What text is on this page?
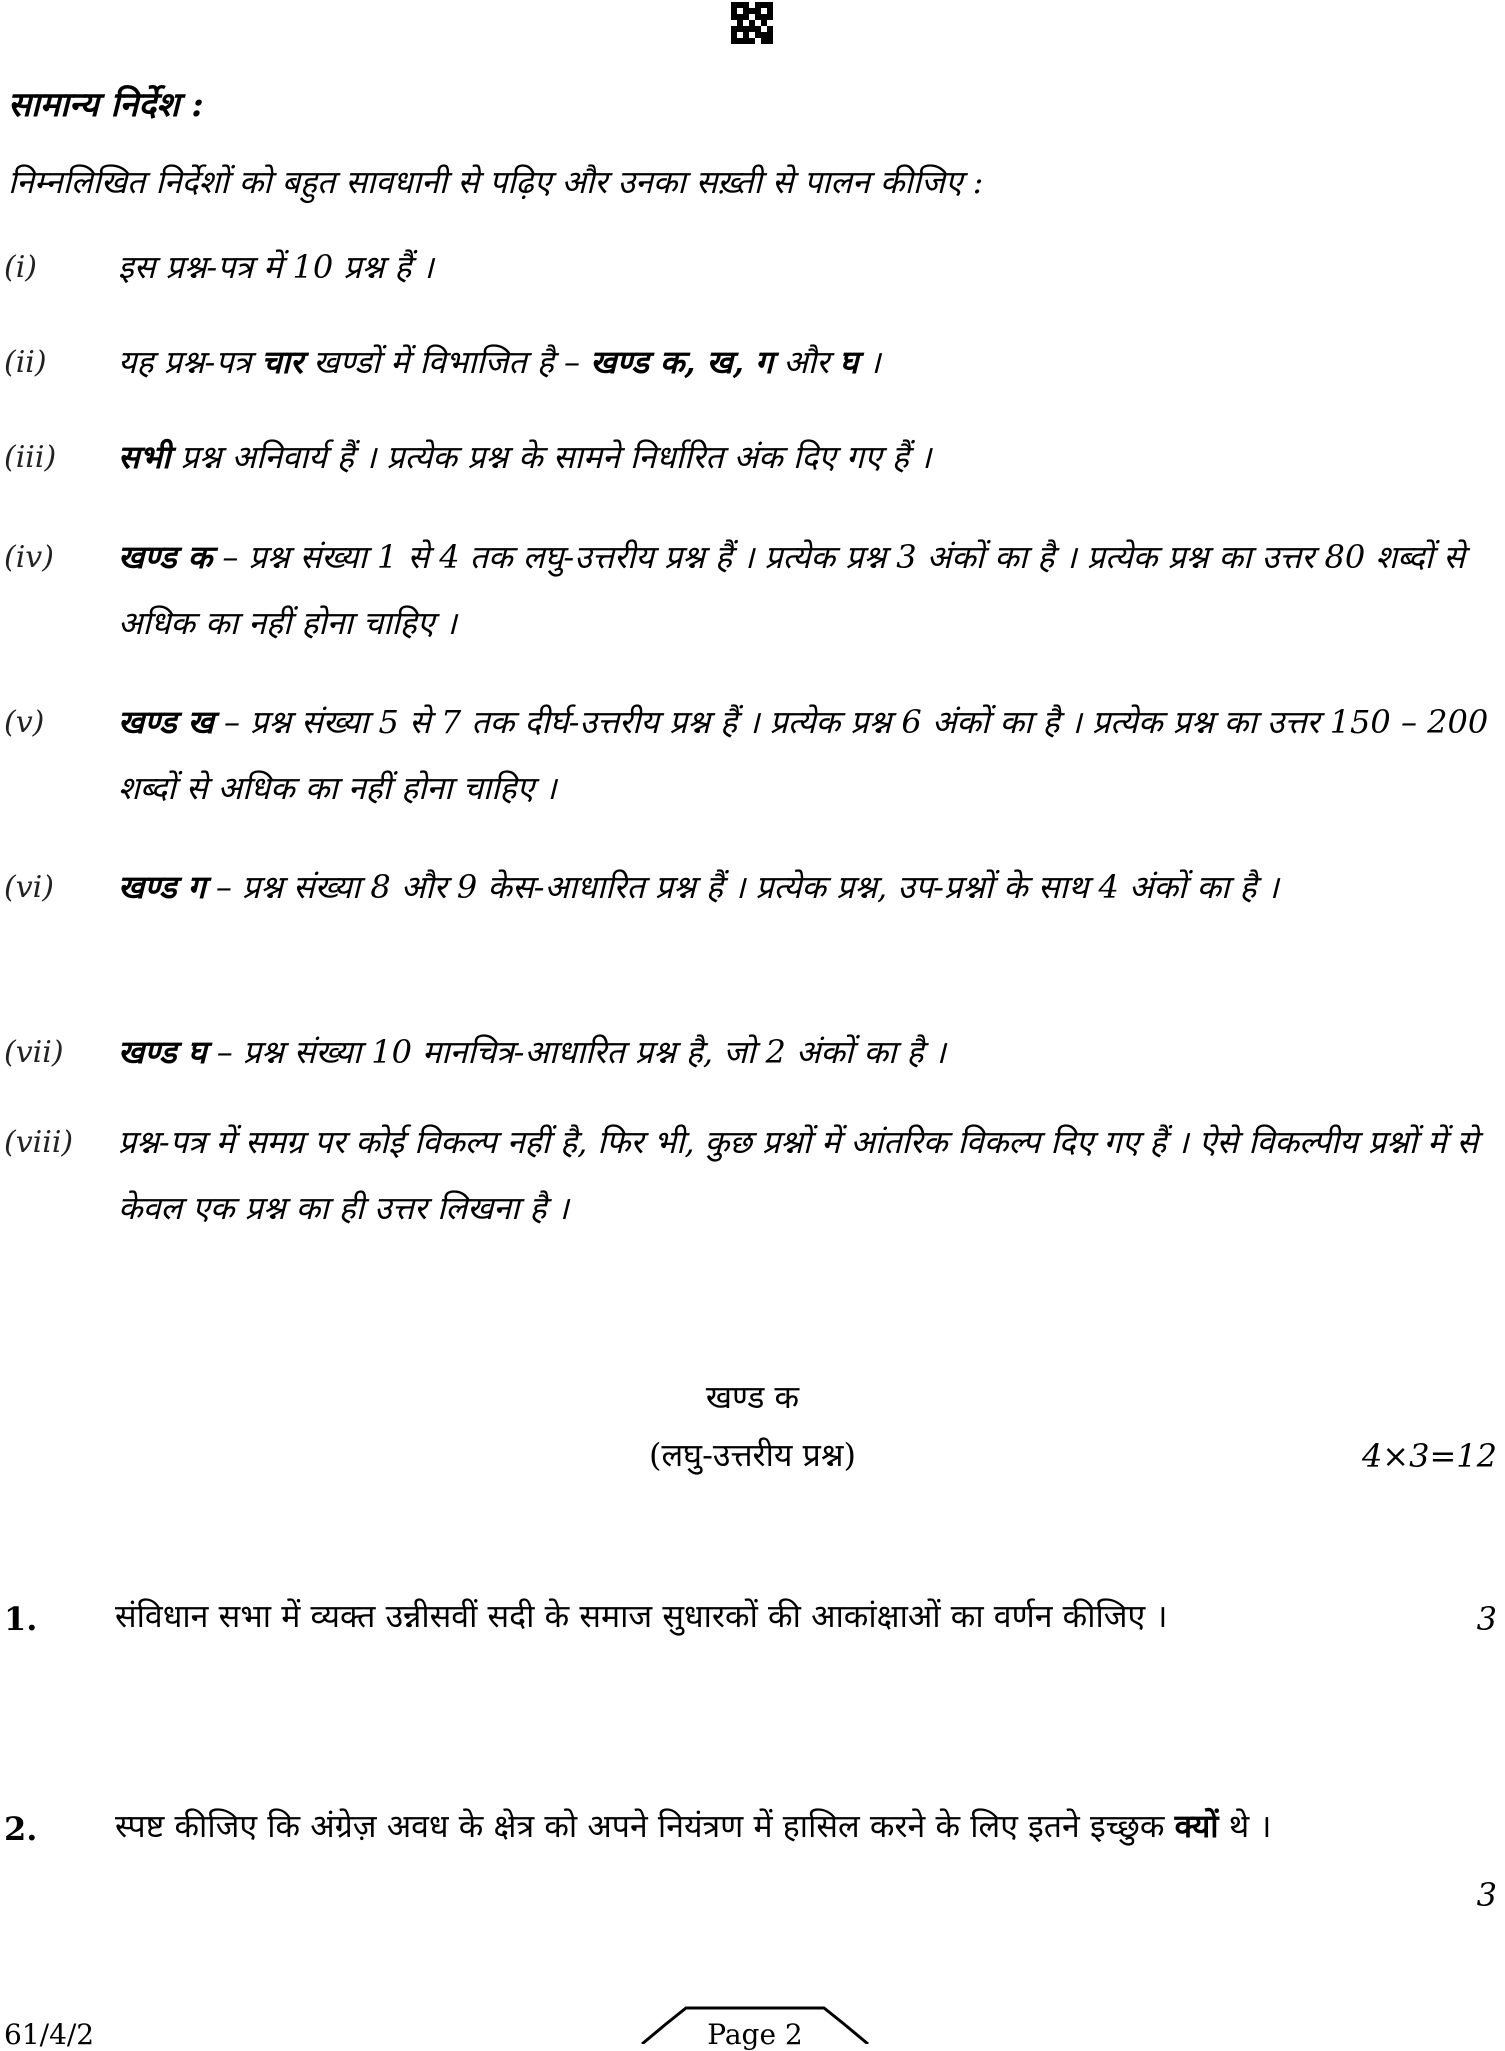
सामान्य निर्देश :
निम्नलिखित निर्देशों को बहुत सावधानी से पढ़िए और उनका सख़्ती से पालन कीजिए :
(i)	इस प्रश्न-पत्र में 10 प्रश्न हैं ।
(ii) यह प्रश्न-पत्र चार खण्डों में विभाजित है – खण्ड क, ख, ग और घ ।
(iii) सभी प्रश्न अनिवार्य हैं । प्रत्येक प्रश्न के सामने निर्धारित अंक दिए गए हैं ।
(iv) खण्ड क – प्रश्न संख्या 1 से 4 तक लघु-उत्तरीय प्रश्न हैं । प्रत्येक प्रश्न 3 अंकों का है । प्रत्येक प्रश्न का उत्तर 80 शब्दों से अधिक का नहीं होना चाहिए ।
(v) खण्ड ख – प्रश्न संख्या 5 से 7 तक दीर्घ-उत्तरीय प्रश्न हैं । प्रत्येक प्रश्न 6 अंकों का है । प्रत्येक प्रश्न का उत्तर 150 – 200 शब्दों से अधिक का नहीं होना चाहिए ।
(vi) खण्ड ग – प्रश्न संख्या 8 और 9 केस-आधारित प्रश्न हैं । प्रत्येक प्रश्न, उप-प्रश्नों के साथ 4 अंकों का है ।
(vii) खण्ड घ – प्रश्न संख्या 10 मानचित्र-आधारित प्रश्न है, जो 2 अंकों का है ।
(viii) प्रश्न-पत्र में समग्र पर कोई विकल्प नहीं है, फिर भी, कुछ प्रश्नों में आंतरिक विकल्प दिए गए हैं । ऐसे विकल्पीय प्रश्नों में से केवल एक प्रश्न का ही उत्तर लिखना है ।
खण्ड क
(लघु-उत्तरीय प्रश्न)	4×3=12
1. संविधान सभा में व्यक्त उन्नीसवीं सदी के समाज सुधारकों की आकांक्षाओं का वर्णन कीजिए ।	3
2. स्पष्ट कीजिए कि अंग्रेज़ अवध के क्षेत्र को अपने नियंत्रण में हासिल करने के लिए इतने इच्छुक क्यों थे ।
3
61/4/2	Page 2
